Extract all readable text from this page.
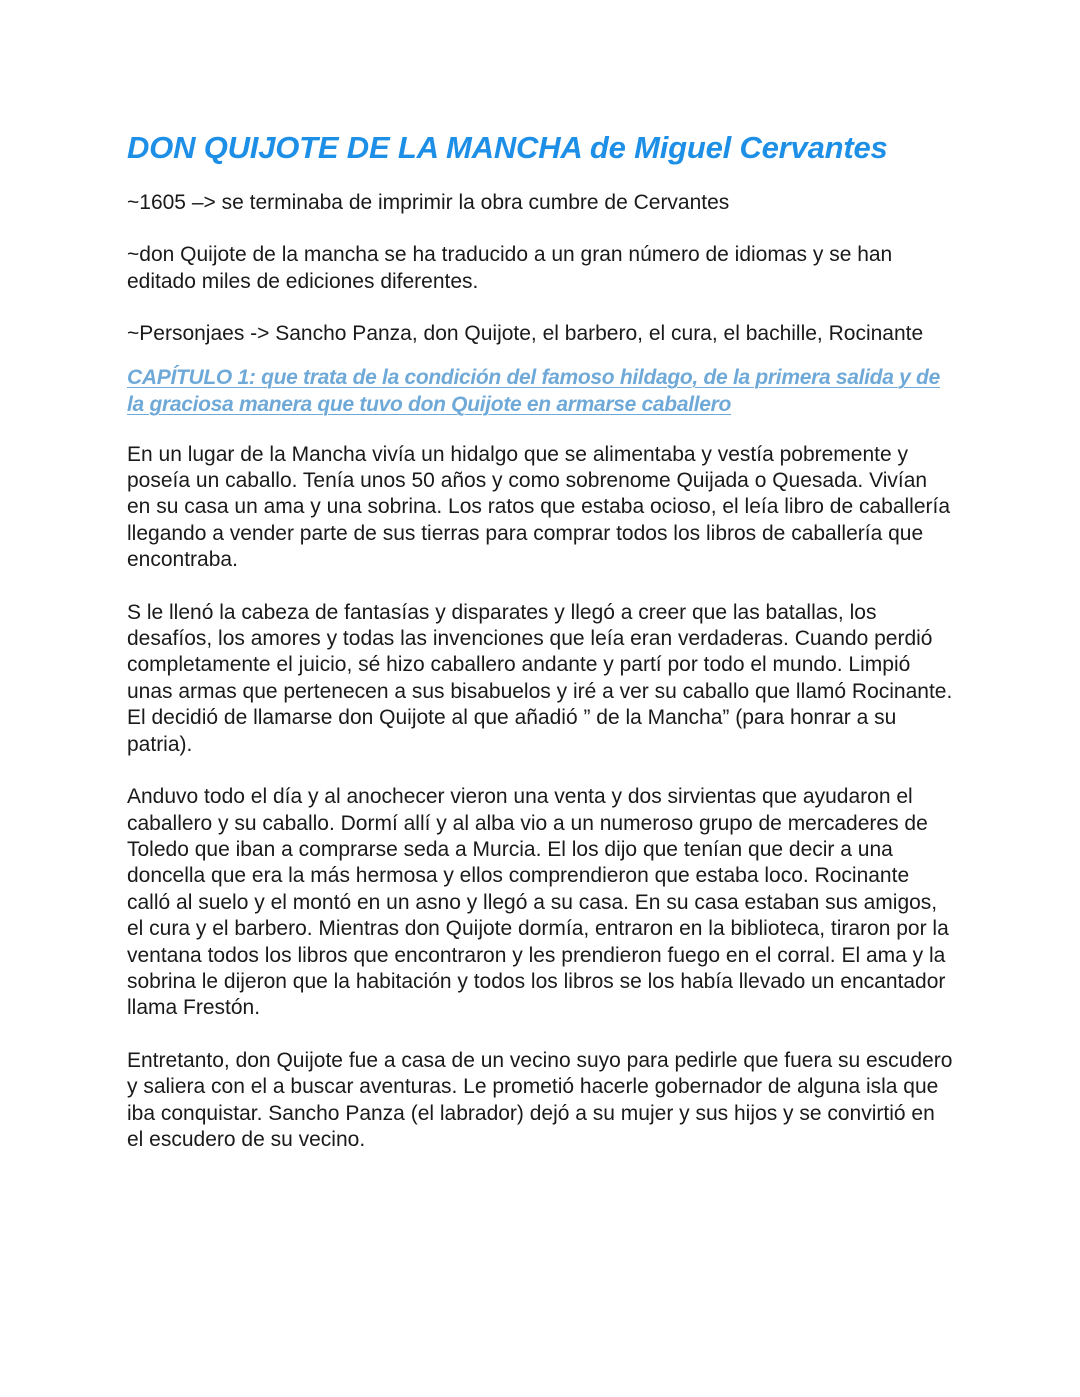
DON QUIJOTE DE LA MANCHA de Miguel Cervantes

~1605 –> se terminaba de imprimir la obra cumbre de Cervantes

~don Quijote de la mancha se ha traducido a un gran número de idiomas y se han editado miles de ediciones diferentes.

~Personjaes -> Sancho Panza, don Quijote, el barbero, el cura, el bachille, Rocinante

CAPÍTULO 1: que trata de la condición del famoso hildago, de la primera salida y de la graciosa manera que tuvo don Quijote en armarse caballero

En un lugar de la Mancha vivía un hidalgo que se alimentaba y vestía pobremente y poseía un caballo. Tenía unos 50 años y como sobrenome Quijada o Quesada. Vivían en su casa un ama y una sobrina. Los ratos que estaba ocioso, el leía libro de caballería llegando a vender parte de sus tierras para comprar todos los libros de caballería que encontraba.

S le llenó la cabeza de fantasías y disparates y llegó a creer que las batallas, los desafíos, los amores y todas las invenciones que leía eran verdaderas. Cuando perdió completamente el juicio, sé hizo caballero andante y partí por todo el mundo. Limpió unas armas que pertenecen a sus bisabuelos y iré a ver su caballo que llamó Rocinante. El decidió de llamarse don Quijote al que añadió ” de la Mancha” (para honrar a su patria).

Anduvo todo el día y al anochecer vieron una venta y dos sirvientas que ayudaron el caballero y su caballo. Dormí allí y al alba vio a un numeroso grupo de mercaderes de Toledo que iban a comprarse seda a Murcia. El los dijo que tenían que decir a una doncella que era la más hermosa y ellos comprendieron que estaba loco. Rocinante calló al suelo y el montó en un asno y llegó a su casa. En su casa estaban sus amigos, el cura y el barbero. Mientras don Quijote dormía, entraron en la biblioteca, tiraron por la ventana todos los libros que encontraron y les prendieron fuego en el corral. El ama y la sobrina le dijeron que la habitación y todos los libros se los había llevado un encantador llama Frestón.

Entretanto, don Quijote fue a casa de un vecino suyo para pedirle que fuera su escudero y saliera con el a buscar aventuras. Le prometió hacerle gobernador de alguna isla que iba conquistar. Sancho Panza (el labrador) dejó a su mujer y sus hijos y se convirtió en el escudero de su vecino.
